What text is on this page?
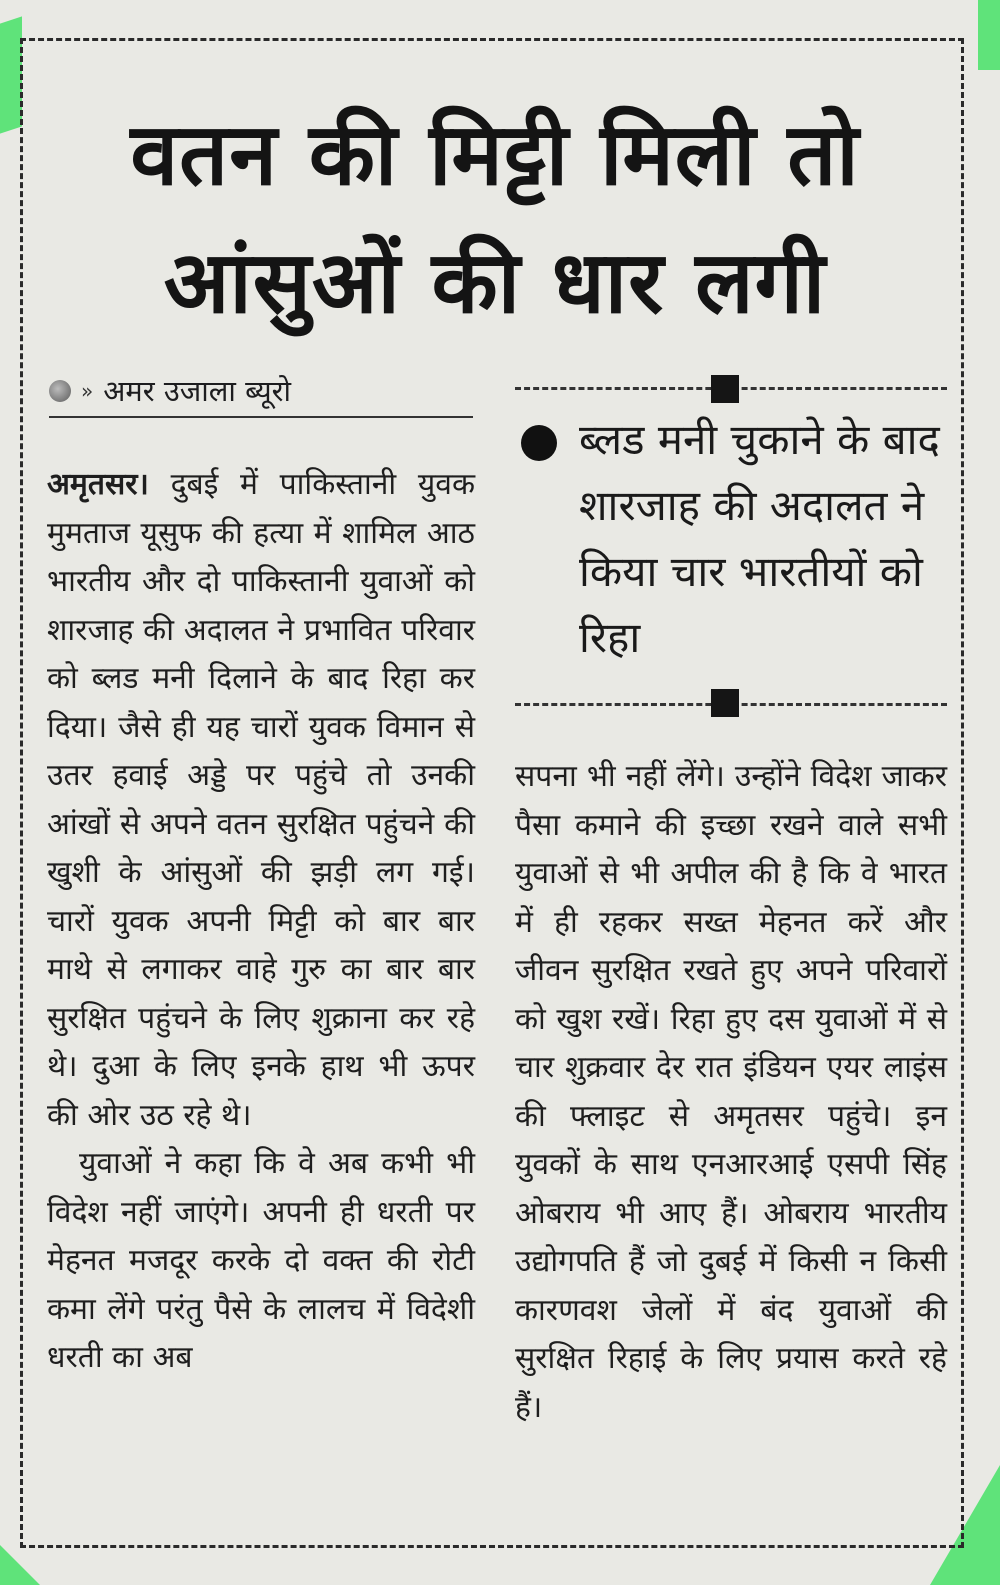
वतन की मिट्टी मिली तो
आंसुओं की धार लगी
» अमर उजाला ब्यूरो

अमृतसर। दुबई में पाकिस्तानी युवक मुमताज यूसुफ की हत्या में शामिल आठ भारतीय और दो पाकिस्तानी युवाओं को शारजाह की अदालत ने प्रभावित परिवार को ब्लड मनी दिलाने के बाद रिहा कर दिया। जैसे ही यह चारों युवक विमान से उतर हवाई अड्डे पर पहुंचे तो उनकी आंखों से अपने वतन सुरक्षित पहुंचने की खुशी के आंसुओं की झड़ी लग गई। चारों युवक अपनी मिट्टी को बार बार माथे से लगाकर वाहे गुरु का बार बार सुरक्षित पहुंचने के लिए शुक्राना कर रहे थे। दुआ के लिए इनके हाथ भी ऊपर की ओर उठ रहे थे।

युवाओं ने कहा कि वे अब कभी भी विदेश नहीं जाएंगे। अपनी ही धरती पर मेहनत मजदूर करके दो वक्त की रोटी कमा लेंगे परंतु पैसे के लालच में विदेशी धरती का अब

ब्लड मनी चुकाने के बाद शारजाह की अदालत ने किया चार भारतीयों को रिहा

सपना भी नहीं लेंगे। उन्होंने विदेश जाकर पैसा कमाने की इच्छा रखने वाले सभी युवाओं से भी अपील की है कि वे भारत में ही रहकर सख्त मेहनत करें और जीवन सुरक्षित रखते हुए अपने परिवारों को खुश रखें। रिहा हुए दस युवाओं में से चार शुक्रवार देर रात इंडियन एयर लाइंस की फ्लाइट से अमृतसर पहुंचे। इन युवकों के साथ एनआरआई एसपी सिंह ओबराय भी आए हैं। ओबराय भारतीय उद्योगपति हैं जो दुबई में किसी न किसी कारणवश जेलों में बंद युवाओं की सुरक्षित रिहाई के लिए प्रयास करते रहे हैं।
